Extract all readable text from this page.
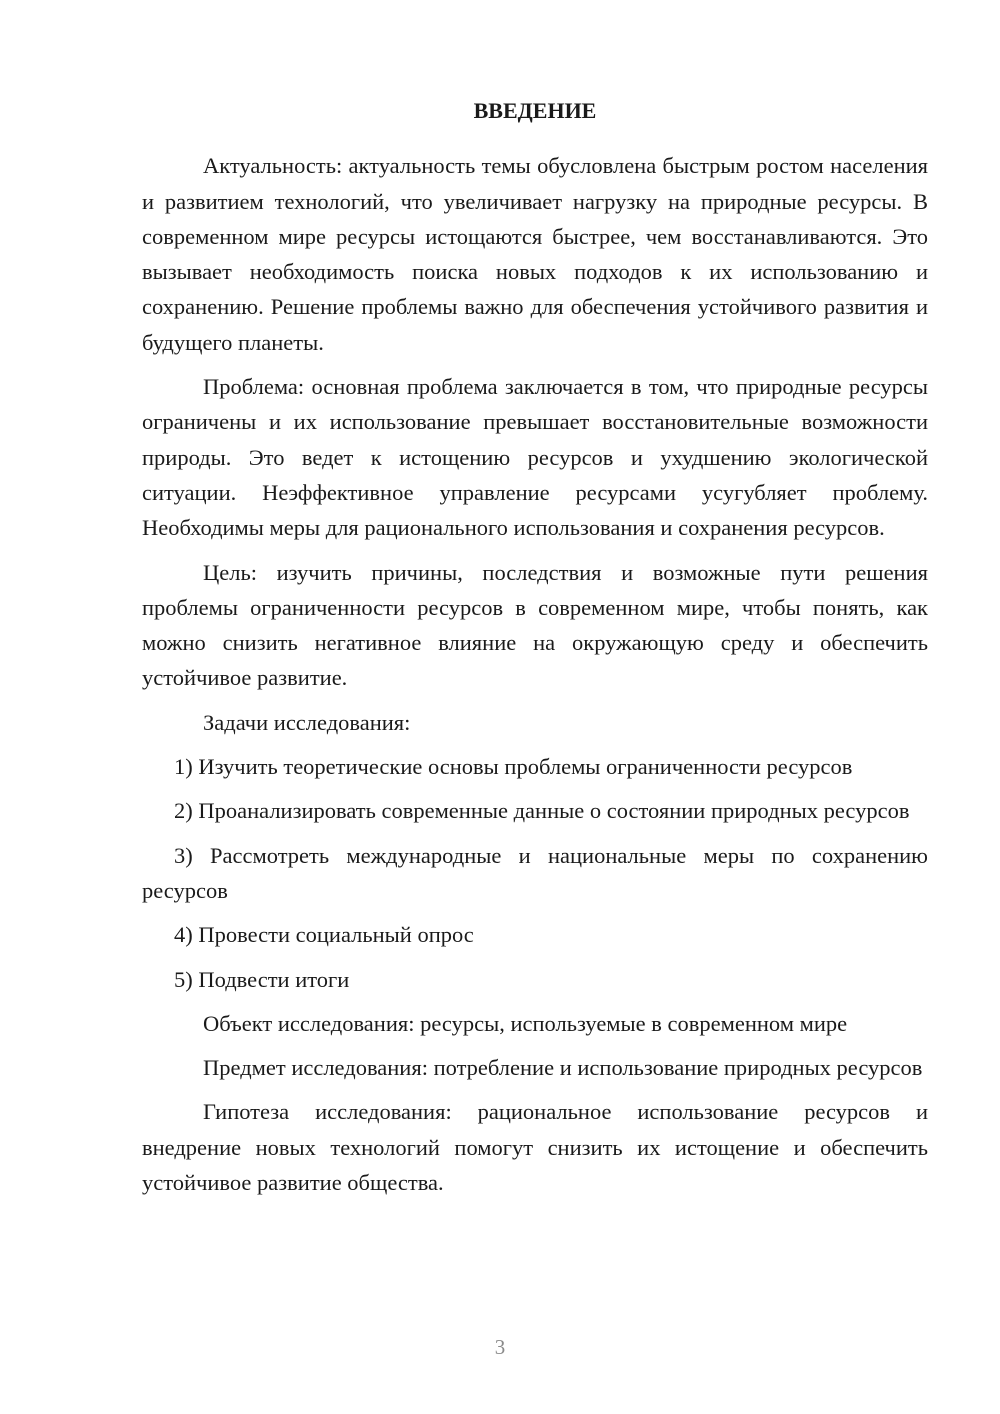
ВВЕДЕНИЕ

Актуальность: актуальность темы обусловлена быстрым ростом населения и развитием технологий, что увеличивает нагрузку на природные ресурсы. В современном мире ресурсы истощаются быстрее, чем восстанавливаются. Это вызывает необходимость поиска новых подходов к их использованию и сохранению. Решение проблемы важно для обеспечения устойчивого развития и будущего планеты.

Проблема: основная проблема заключается в том, что природные ресурсы ограничены и их использование превышает восстановительные возможности природы. Это ведет к истощению ресурсов и ухудшению экологической ситуации. Неэффективное управление ресурсами усугубляет проблему. Необходимы меры для рационального использования и сохранения ресурсов.

Цель: изучить причины, последствия и возможные пути решения проблемы ограниченности ресурсов в современном мире, чтобы понять, как можно снизить негативное влияние на окружающую среду и обеспечить устойчивое развитие.

Задачи исследования:

1) Изучить теоретические основы проблемы ограниченности ресурсов

2) Проанализировать современные данные о состоянии природных ресурсов

3) Рассмотреть международные и национальные меры по сохранению ресурсов

4) Провести социальный опрос

5) Подвести итоги

Объект исследования: ресурсы, используемые в современном мире

Предмет исследования: потребление и использование природных ресурсов

Гипотеза исследования: рациональное использование ресурсов и внедрение новых технологий помогут снизить их истощение и обеспечить устойчивое развитие общества.

3
